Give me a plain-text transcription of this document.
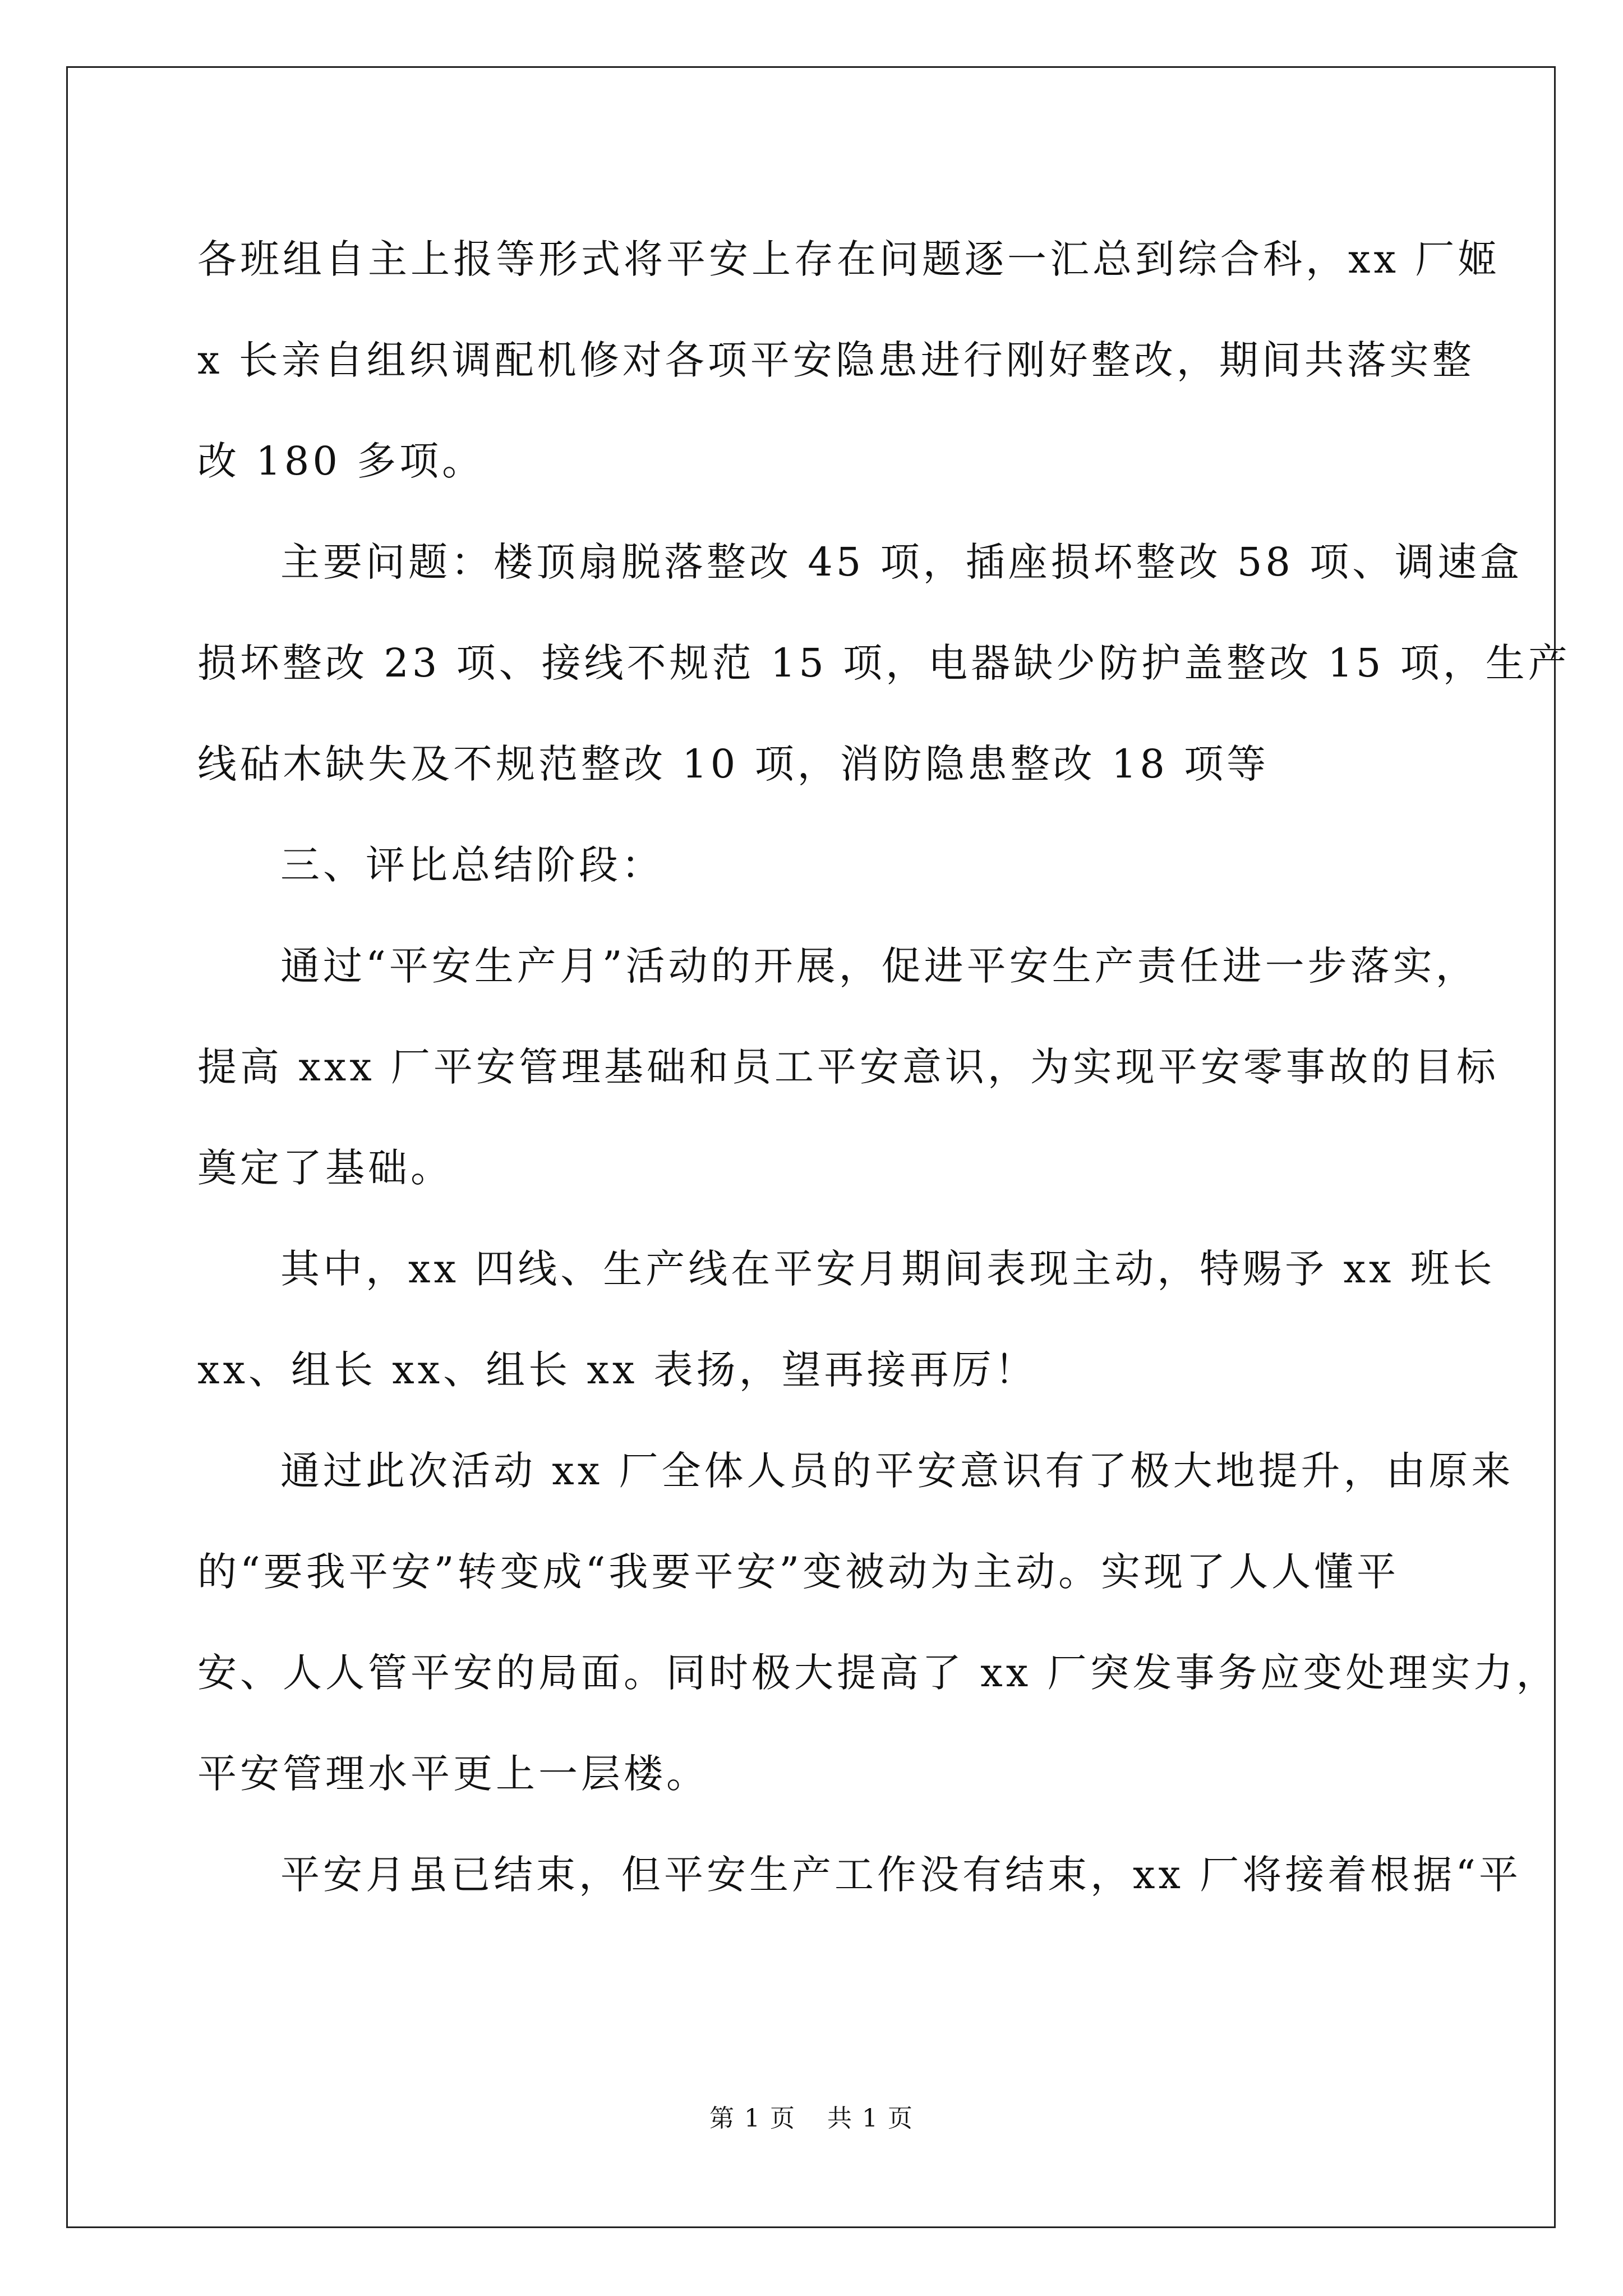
各班组自主上报等形式将平安上存在问题逐一汇总到综合科，xx 厂姬
x 长亲自组织调配机修对各项平安隐患进行刚好整改，期间共落实整
改 180 多项。
主要问题：楼顶扇脱落整改 45 项，插座损坏整改 58 项、调速盒
损坏整改 23 项、接线不规范 15 项，电器缺少防护盖整改 15 项，生产
线砧木缺失及不规范整改 10 项，消防隐患整改 18 项等
三、评比总结阶段：
通过“平安生产月”活动的开展，促进平安生产责任进一步落实，
提高 xxx 厂平安管理基础和员工平安意识，为实现平安零事故的目标
奠定了基础。
其中，xx 四线、生产线在平安月期间表现主动，特赐予 xx 班长
xx、组长 xx、组长 xx 表扬，望再接再厉！
通过此次活动 xx 厂全体人员的平安意识有了极大地提升，由原来
的“要我平安”转变成“我要平安”变被动为主动。实现了人人懂平
安、人人管平安的局面。同时极大提高了 xx 厂突发事务应变处理实力，
平安管理水平更上一层楼。
平安月虽已结束，但平安生产工作没有结束，xx 厂将接着根据“平
第 1 页 共 1 页
